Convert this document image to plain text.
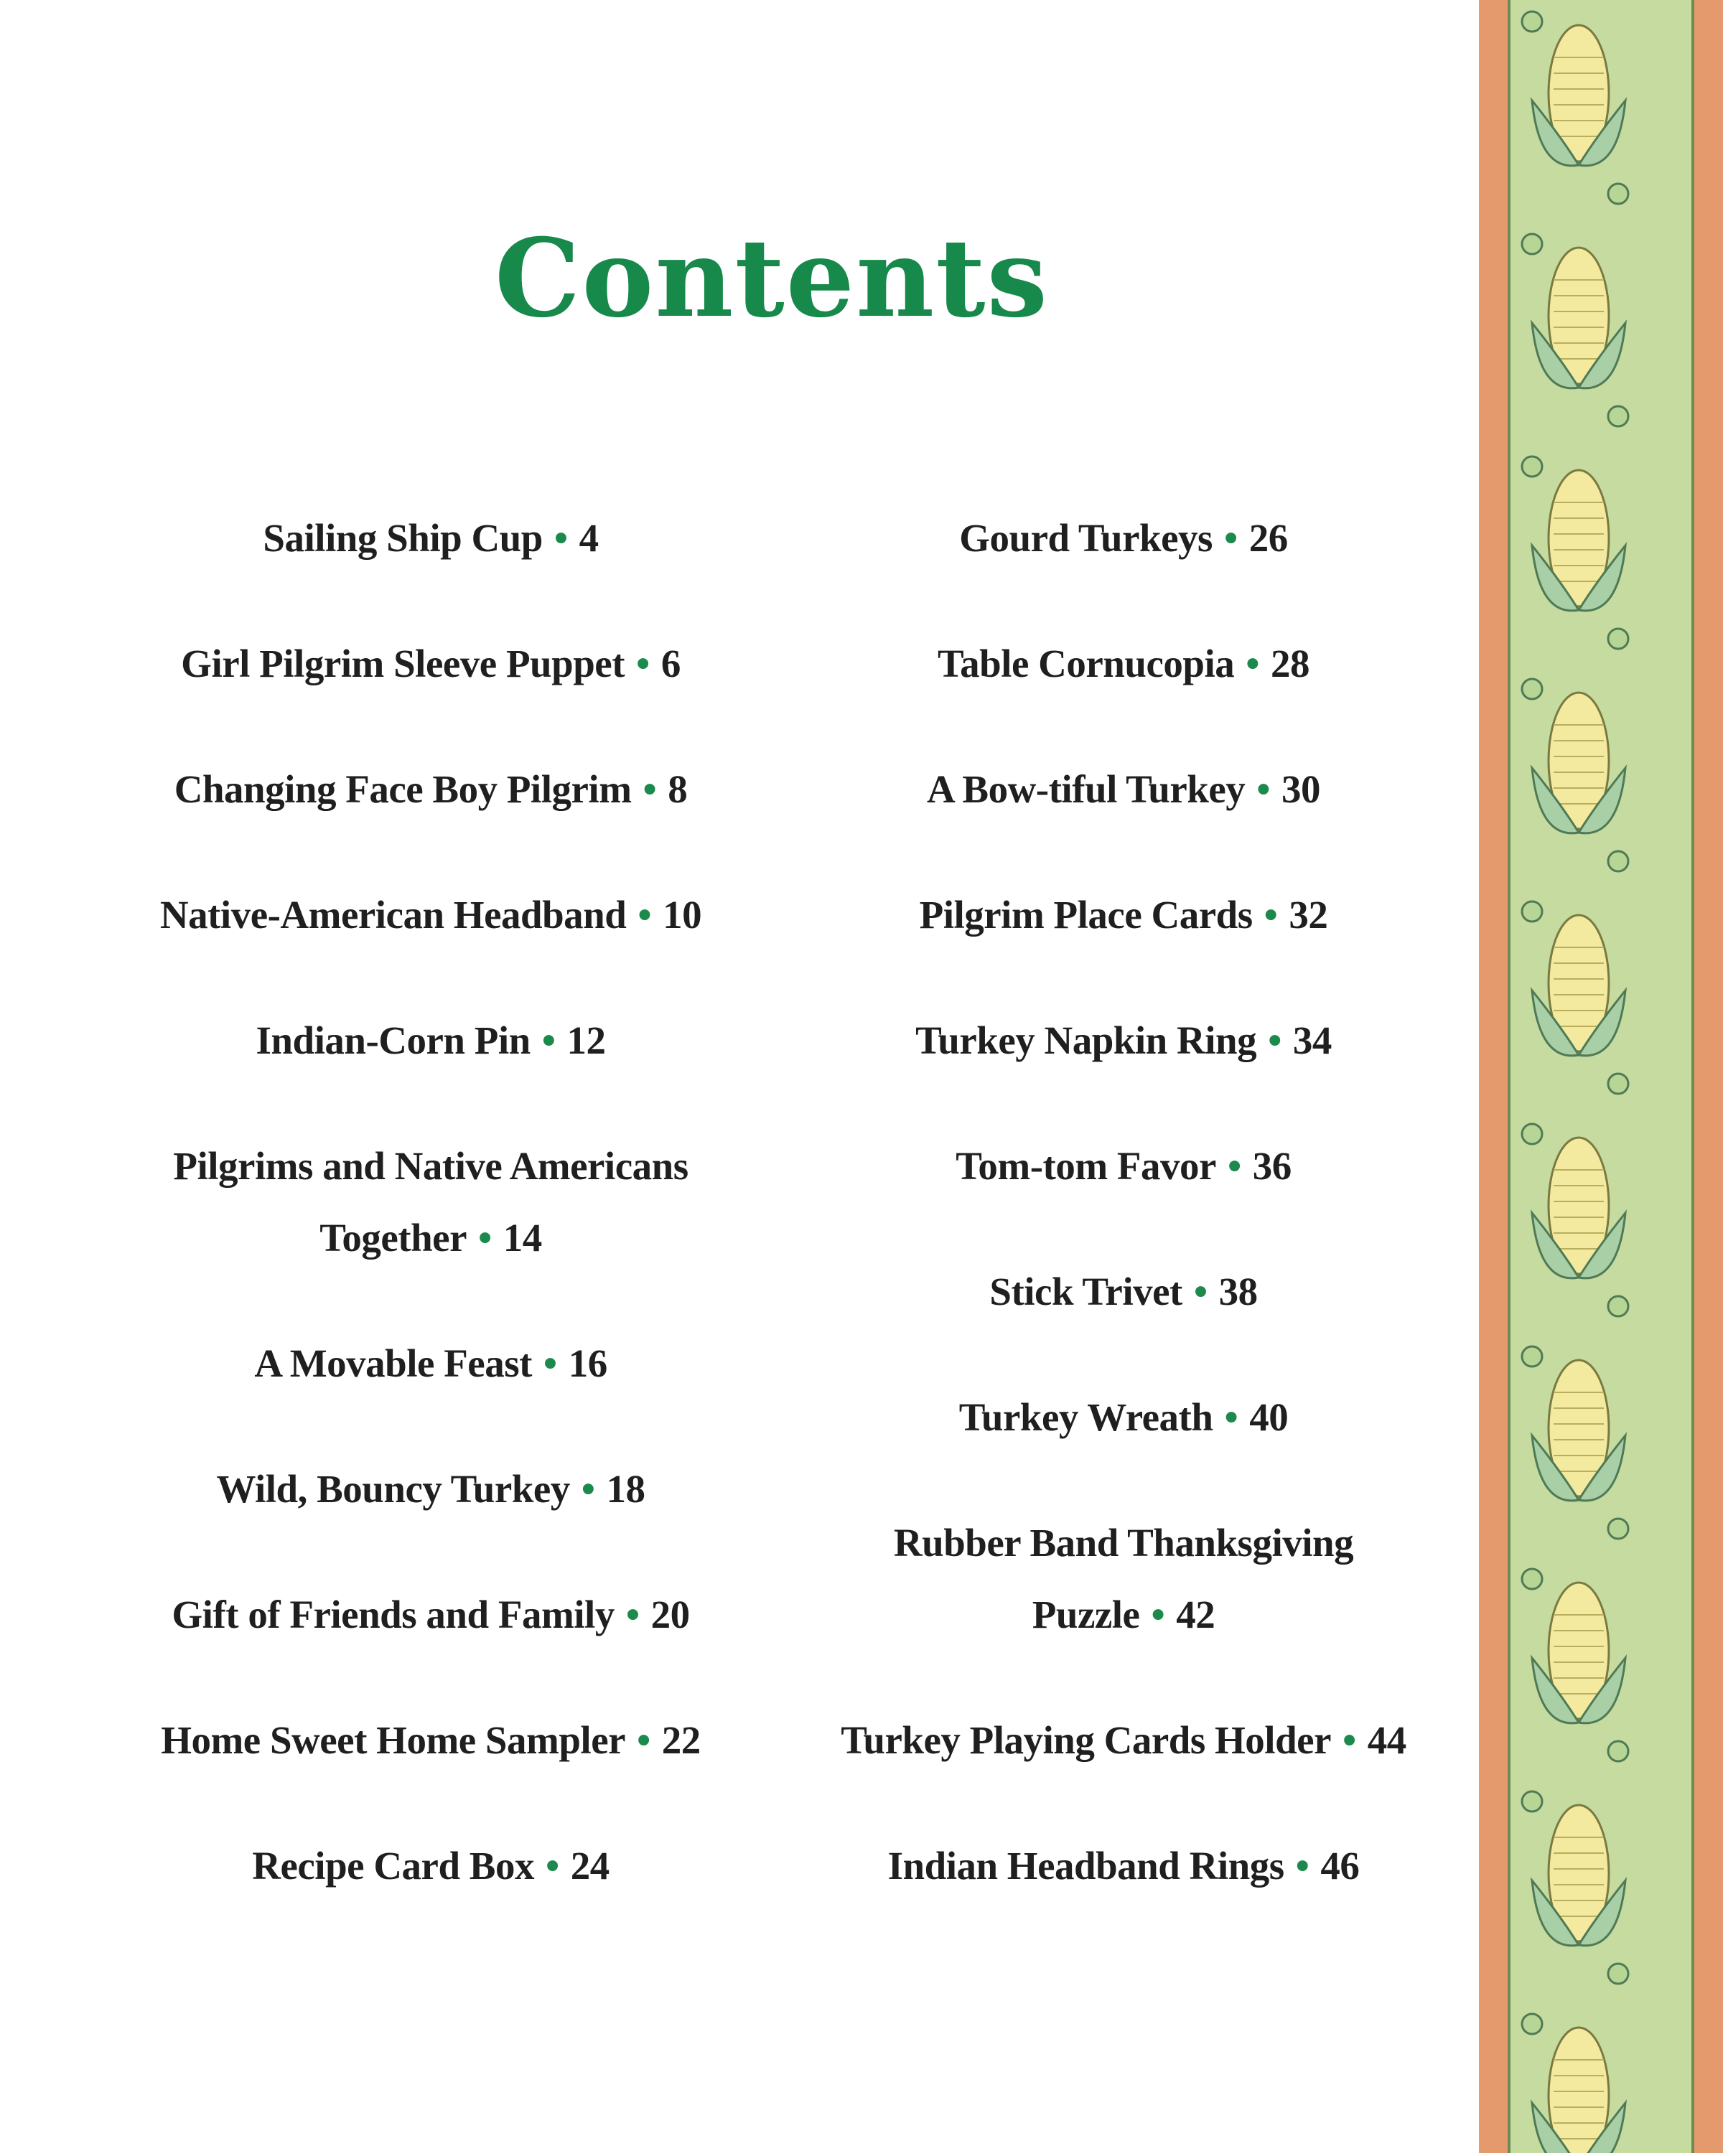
Contents
Sailing Ship Cup • 4
Girl Pilgrim Sleeve Puppet • 6
Changing Face Boy Pilgrim • 8
Native-American Headband • 10
Indian-Corn Pin • 12
Pilgrims and Native Americans
Together • 14
A Movable Feast • 16
Wild, Bouncy Turkey • 18
Gift of Friends and Family • 20
Home Sweet Home Sampler • 22
Recipe Card Box • 24
Gourd Turkeys • 26
Table Cornucopia • 28
A Bow-tiful Turkey • 30
Pilgrim Place Cards • 32
Turkey Napkin Ring • 34
Tom-tom Favor • 36
Stick Trivet • 38
Turkey Wreath • 40
Rubber Band Thanksgiving
Puzzle • 42
Turkey Playing Cards Holder • 44
Indian Headband Rings • 46
